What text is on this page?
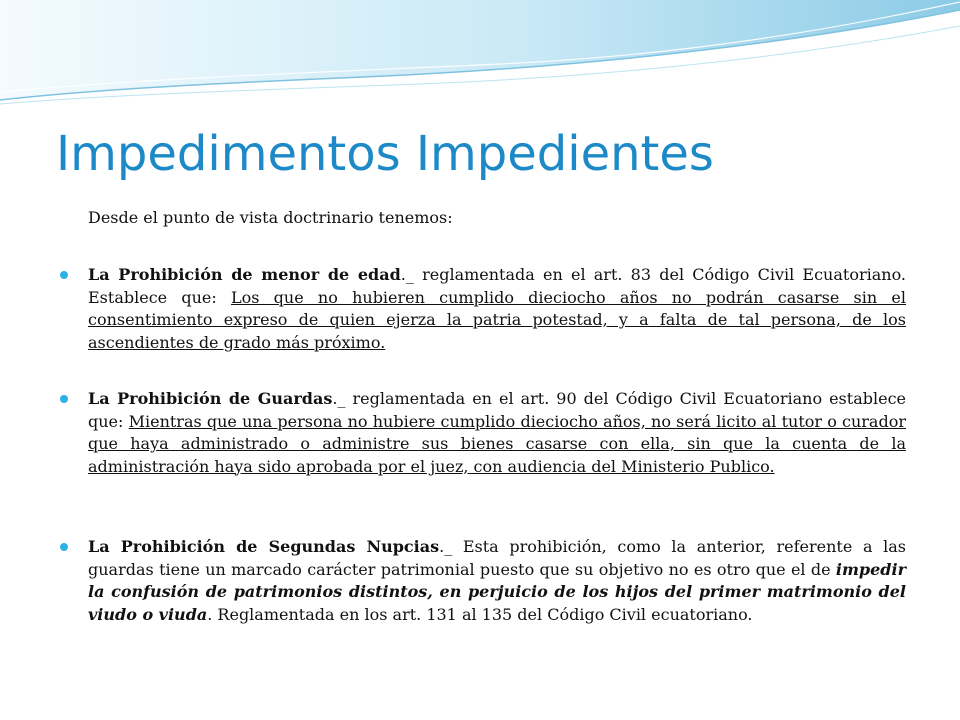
Impedimentos Impedientes

Desde el punto de vista doctrinario tenemos:

La Prohibición de menor de edad._ reglamentada en el art. 83 del Código Civil Ecuatoriano. Establece que: Los que no hubieren cumplido dieciocho años no podrán casarse sin el consentimiento expreso de quien ejerza la patria potestad, y a falta de tal persona, de los ascendientes de grado más próximo.
La Prohibición de Guardas._ reglamentada en el art. 90 del Código Civil Ecuatoriano establece que: Mientras que una persona no hubiere cumplido dieciocho años, no será licito al tutor o curador que haya administrado o administre sus bienes casarse con ella, sin que la cuenta de la administración haya sido aprobada por el juez, con audiencia del Ministerio Publico.
La Prohibición de Segundas Nupcias._ Esta prohibición, como la anterior, referente a las guardas tiene un marcado carácter patrimonial puesto que su objetivo no es otro que el de impedir la confusión de patrimonios distintos, en perjuicio de los hijos del primer matrimonio del viudo o viuda. Reglamentada en los art. 131 al 135 del Código Civil ecuatoriano.
